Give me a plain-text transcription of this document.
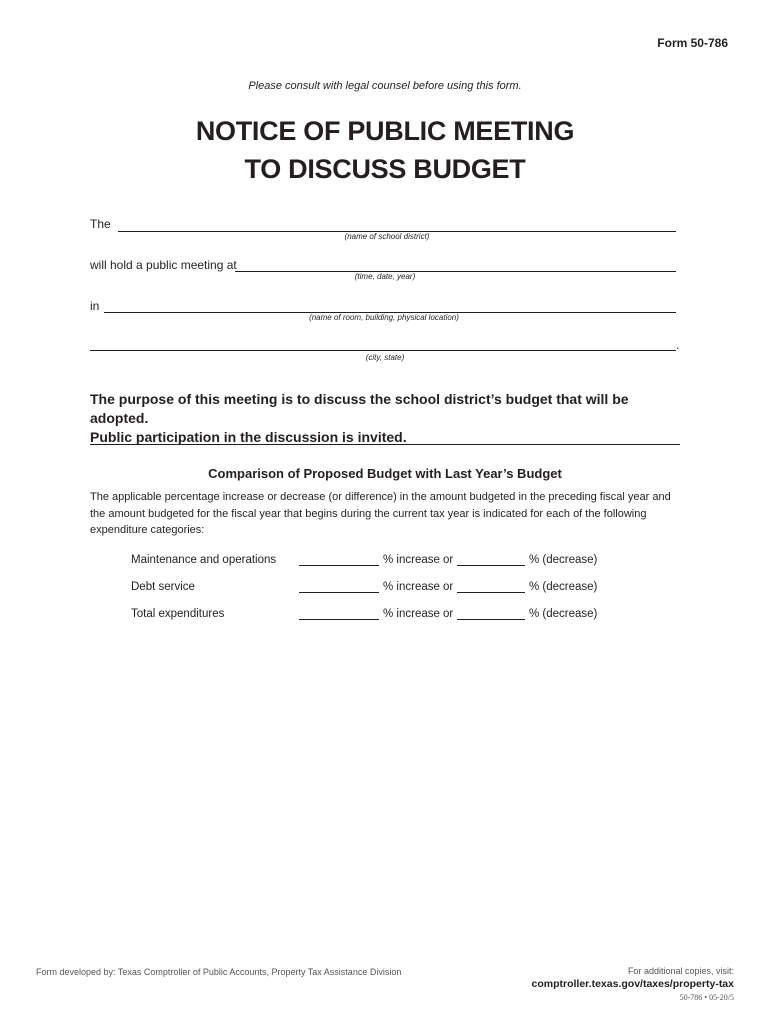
Form 50-786
Please consult with legal counsel before using this form.
NOTICE OF PUBLIC MEETING
TO DISCUSS BUDGET
The
(name of school district)
will hold a public meeting at
(time, date, year)
in
(name of room, building, physical location)
.
(city, state)
The purpose of this meeting is to discuss the school district’s budget that will be adopted.
Public participation in the discussion is invited.
Comparison of Proposed Budget with Last Year’s Budget
The applicable percentage increase or decrease (or difference) in the amount budgeted in the preceding fiscal year and the amount budgeted for the fiscal year that begins during the current tax year is indicated for each of the following expenditure categories:
Maintenance and operations	% increase or	% (decrease)
Debt service	% increase or	% (decrease)
Total expenditures	% increase or	% (decrease)
Form developed by: Texas Comptroller of Public Accounts, Property Tax Assistance Division	For additional copies, visit:
comptroller.texas.gov/taxes/property-tax
50-786 • 05-20/5
